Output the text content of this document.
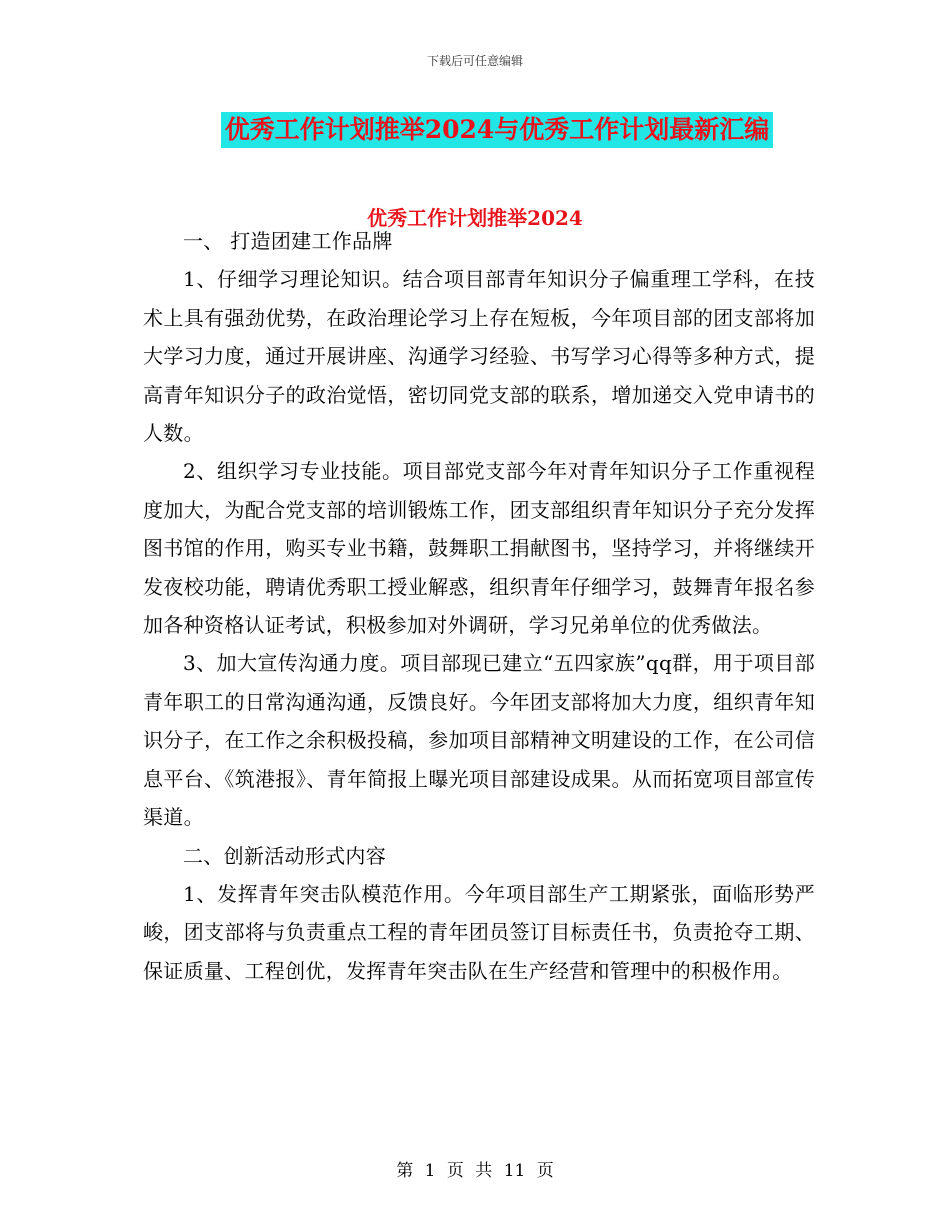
下载后可任意编辑
优秀工作计划推举2024与优秀工作计划最新汇编
优秀工作计划推举2024

一、 打造团建工作品牌

1、仔细学习理论知识。结合项目部青年知识分子偏重理工学科，在技术上具有强劲优势，在政治理论学习上存在短板，今年项目部的团支部将加大学习力度，通过开展讲座、沟通学习经验、书写学习心得等多种方式，提高青年知识分子的政治觉悟，密切同党支部的联系，增加递交入党申请书的人数。

2、组织学习专业技能。项目部党支部今年对青年知识分子工作重视程度加大，为配合党支部的培训锻炼工作，团支部组织青年知识分子充分发挥图书馆的作用，购买专业书籍，鼓舞职工捐献图书，坚持学习，并将继续开发夜校功能，聘请优秀职工授业解惑，组织青年仔细学习，鼓舞青年报名参加各种资格认证考试，积极参加对外调研，学习兄弟单位的优秀做法。

3、加大宣传沟通力度。项目部现已建立“五四家族”qq群，用于项目部青年职工的日常沟通沟通，反馈良好。今年团支部将加大力度，组织青年知识分子，在工作之余积极投稿，参加项目部精神文明建设的工作，在公司信息平台、《筑港报》、青年简报上曝光项目部建设成果。从而拓宽项目部宣传渠道。

二、创新活动形式内容

1、发挥青年突击队模范作用。今年项目部生产工期紧张，面临形势严峻，团支部将与负责重点工程的青年团员签订目标责任书，负责抢夺工期、保证质量、工程创优，发挥青年突击队在生产经营和管理中的积极作用。

第 1 页 共 11 页
